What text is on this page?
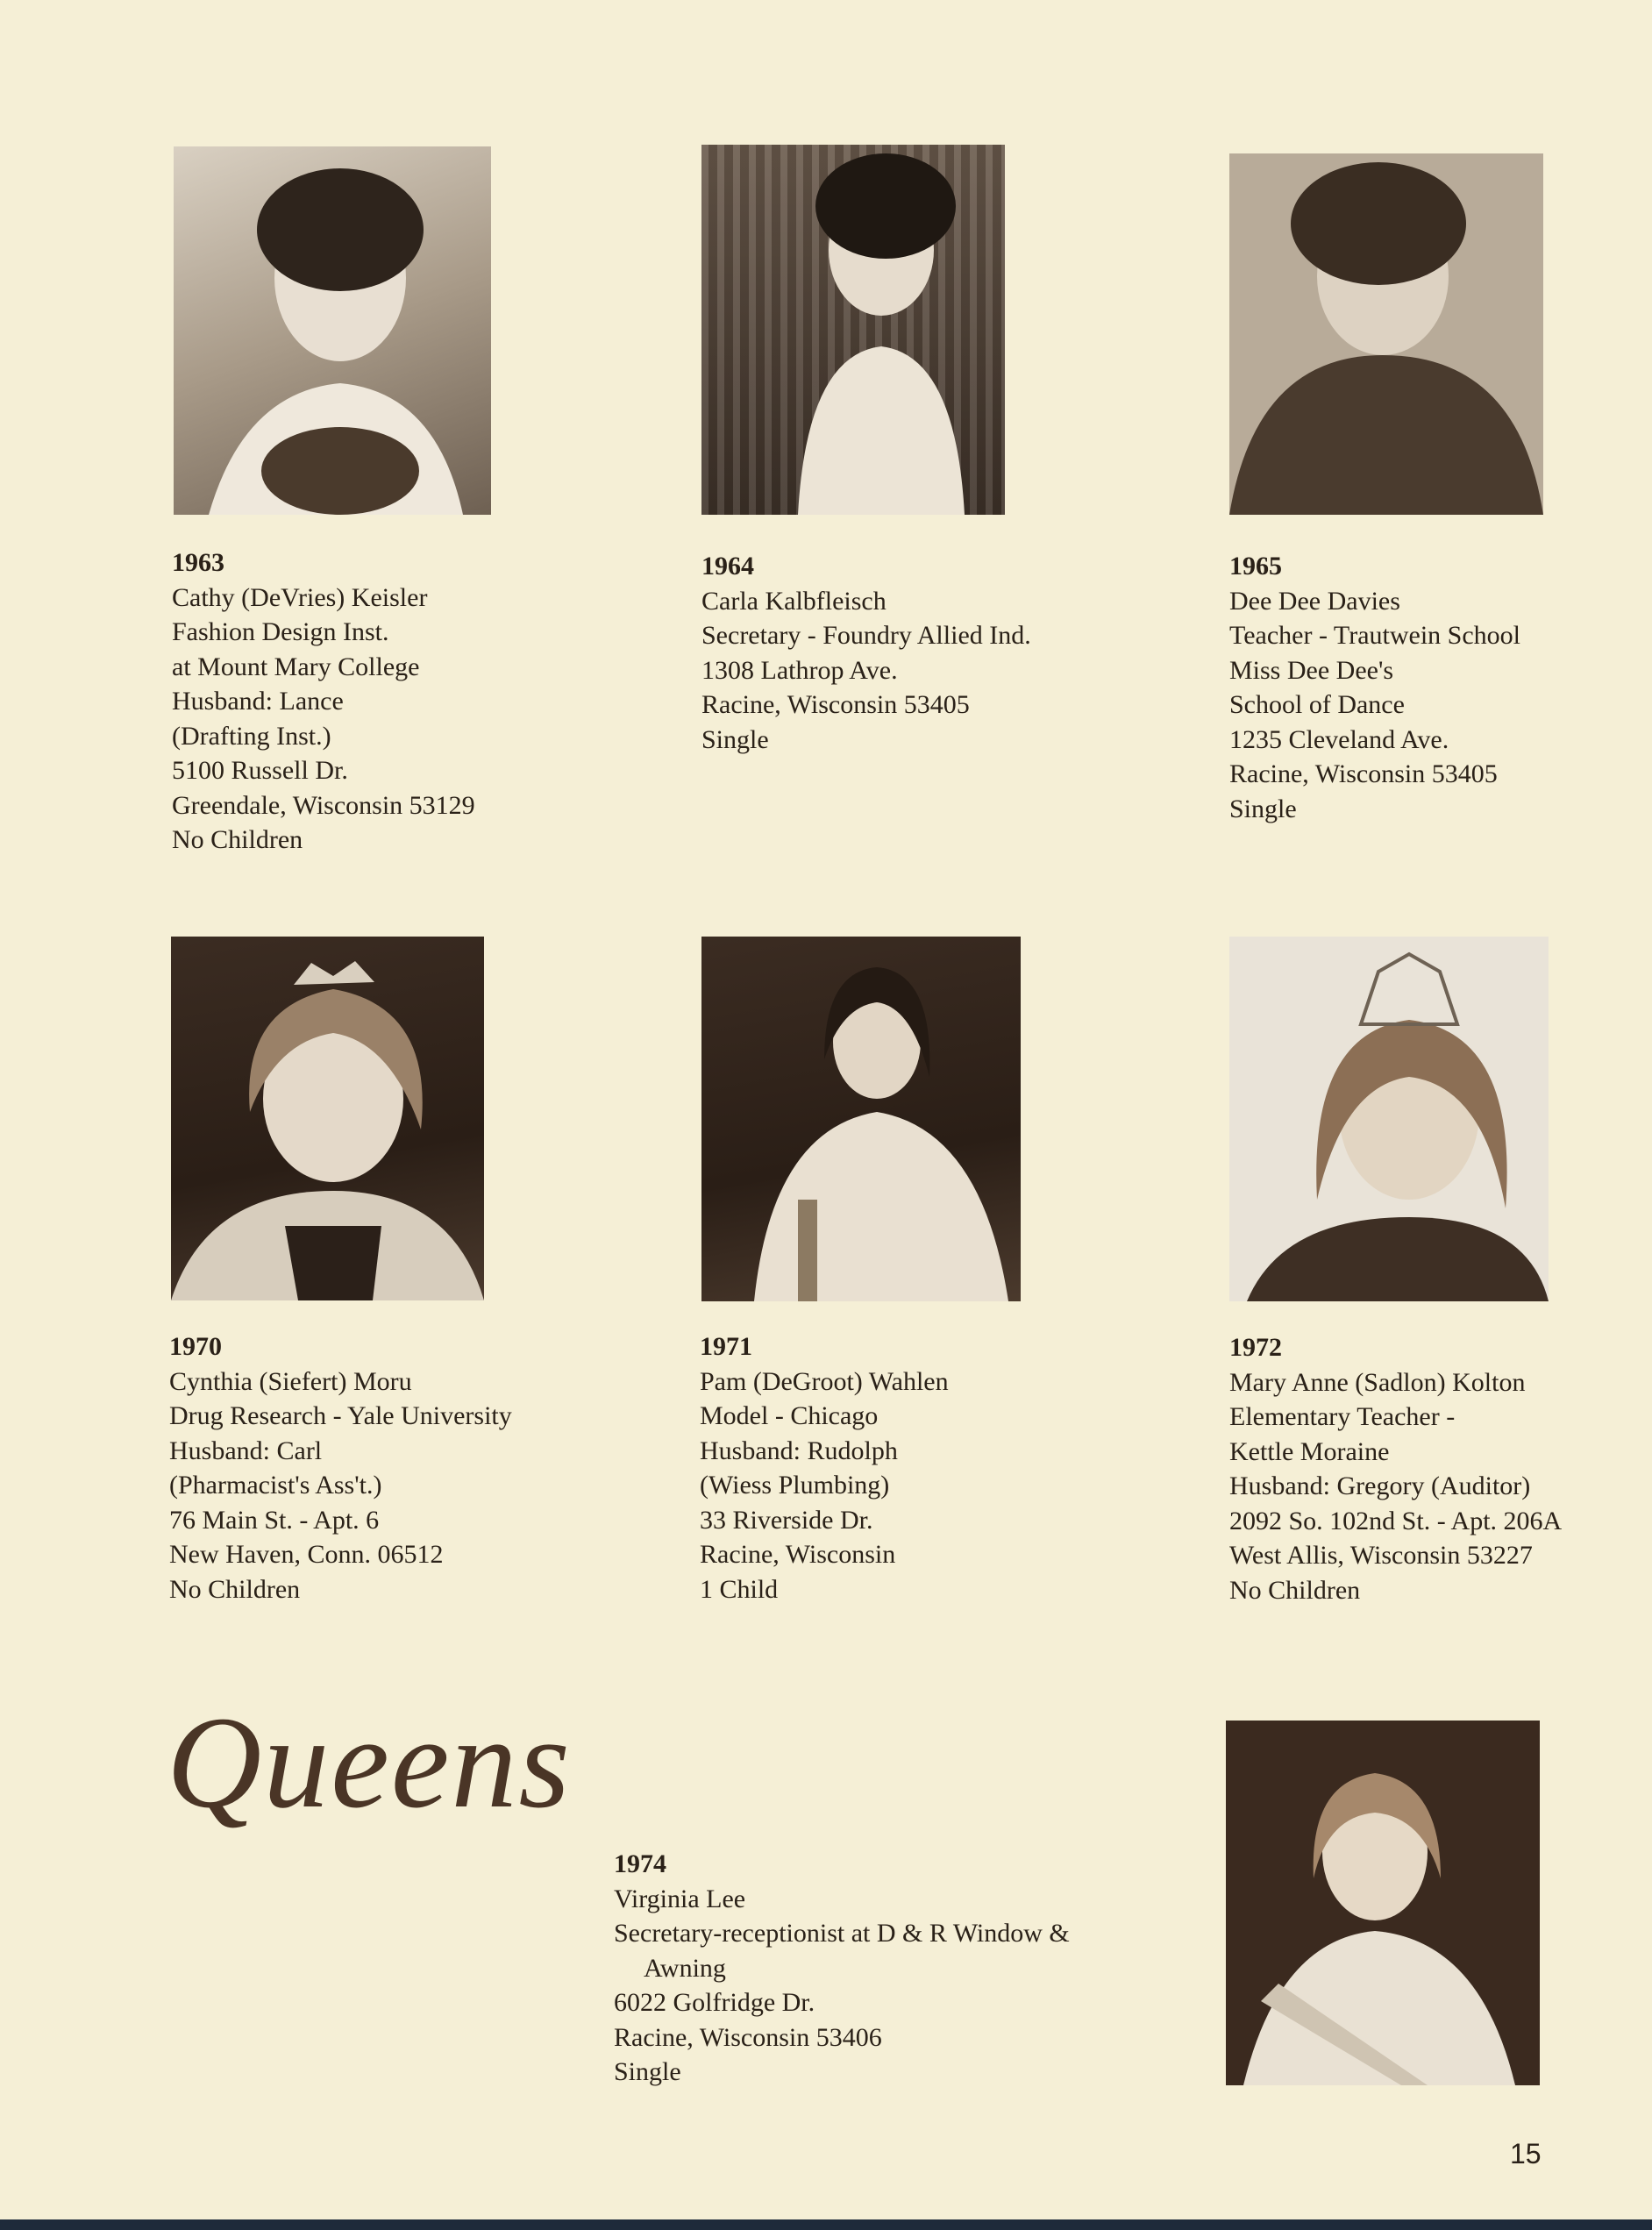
1963
Cathy (DeVries) Keisler
Fashion Design Inst.
at Mount Mary College
Husband: Lance
(Drafting Inst.)
5100 Russell Dr.
Greendale, Wisconsin 53129
No Children
1964
Carla Kalbfleisch
Secretary - Foundry Allied Ind.
1308 Lathrop Ave.
Racine, Wisconsin 53405
Single
1965
Dee Dee Davies
Teacher - Trautwein School
Miss Dee Dee's
School of Dance
1235 Cleveland Ave.
Racine, Wisconsin 53405
Single
1970
Cynthia (Siefert) Moru
Drug Research - Yale University
Husband: Carl
(Pharmacist's Ass't.)
76 Main St. - Apt. 6
New Haven, Conn. 06512
No Children
1971
Pam (DeGroot) Wahlen
Model - Chicago
Husband: Rudolph
(Wiess Plumbing)
33 Riverside Dr.
Racine, Wisconsin
1 Child
1972
Mary Anne (Sadlon) Kolton
Elementary Teacher -
Kettle Moraine
Husband: Gregory (Auditor)
2092 So. 102nd St. - Apt. 206A
West Allis, Wisconsin 53227
No Children
Queens
1974
Virginia Lee
Secretary-receptionist at D & R Window &
Awning
6022 Golfridge Dr.
Racine, Wisconsin 53406
Single
15
